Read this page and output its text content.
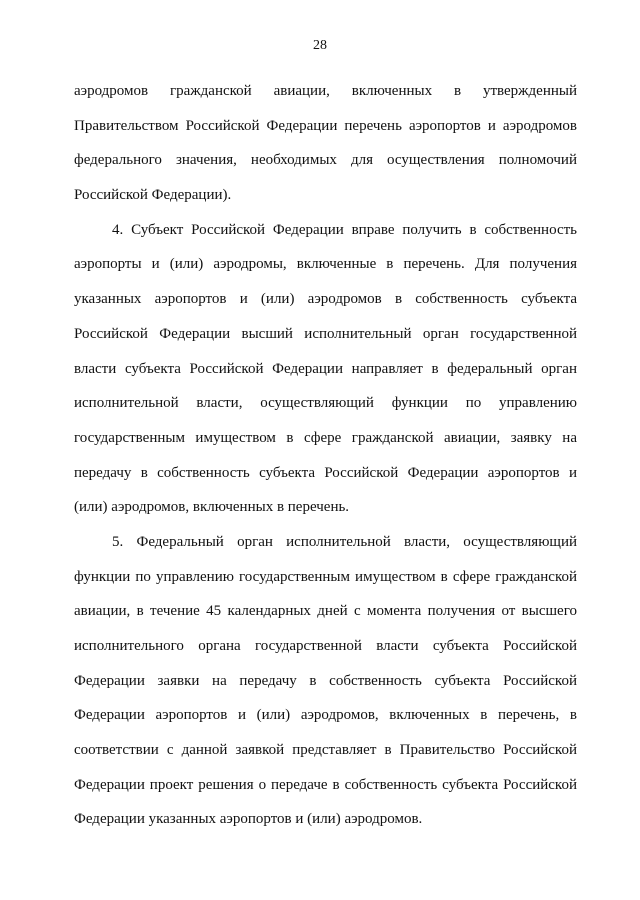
28
аэродромов гражданской авиации, включенных в утвержденный
Правительством Российской Федерации перечень аэропортов и аэродромов
федерального значения, необходимых для осуществления полномочий
Российской Федерации).
4. Субъект Российской Федерации вправе получить в собственность
аэропорты и (или) аэродромы, включенные в перечень. Для получения
указанных аэропортов и (или) аэродромов в собственность субъекта
Российской Федерации высший исполнительный орган государственной
власти субъекта Российской Федерации направляет в федеральный орган
исполнительной власти, осуществляющий функции по управлению
государственным имуществом в сфере гражданской авиации, заявку на
передачу в собственность субъекта Российской Федерации аэропортов и
(или) аэродромов, включенных в перечень.
5. Федеральный орган исполнительной власти, осуществляющий
функции по управлению государственным имуществом в сфере гражданской
авиации, в течение 45 календарных дней с момента получения от высшего
исполнительного органа государственной власти субъекта Российской
Федерации заявки на передачу в собственность субъекта Российской
Федерации аэропортов и (или) аэродромов, включенных в перечень, в
соответствии с данной заявкой представляет в Правительство Российской
Федерации проект решения о передаче в собственность субъекта Российской
Федерации указанных аэропортов и (или) аэродромов.
